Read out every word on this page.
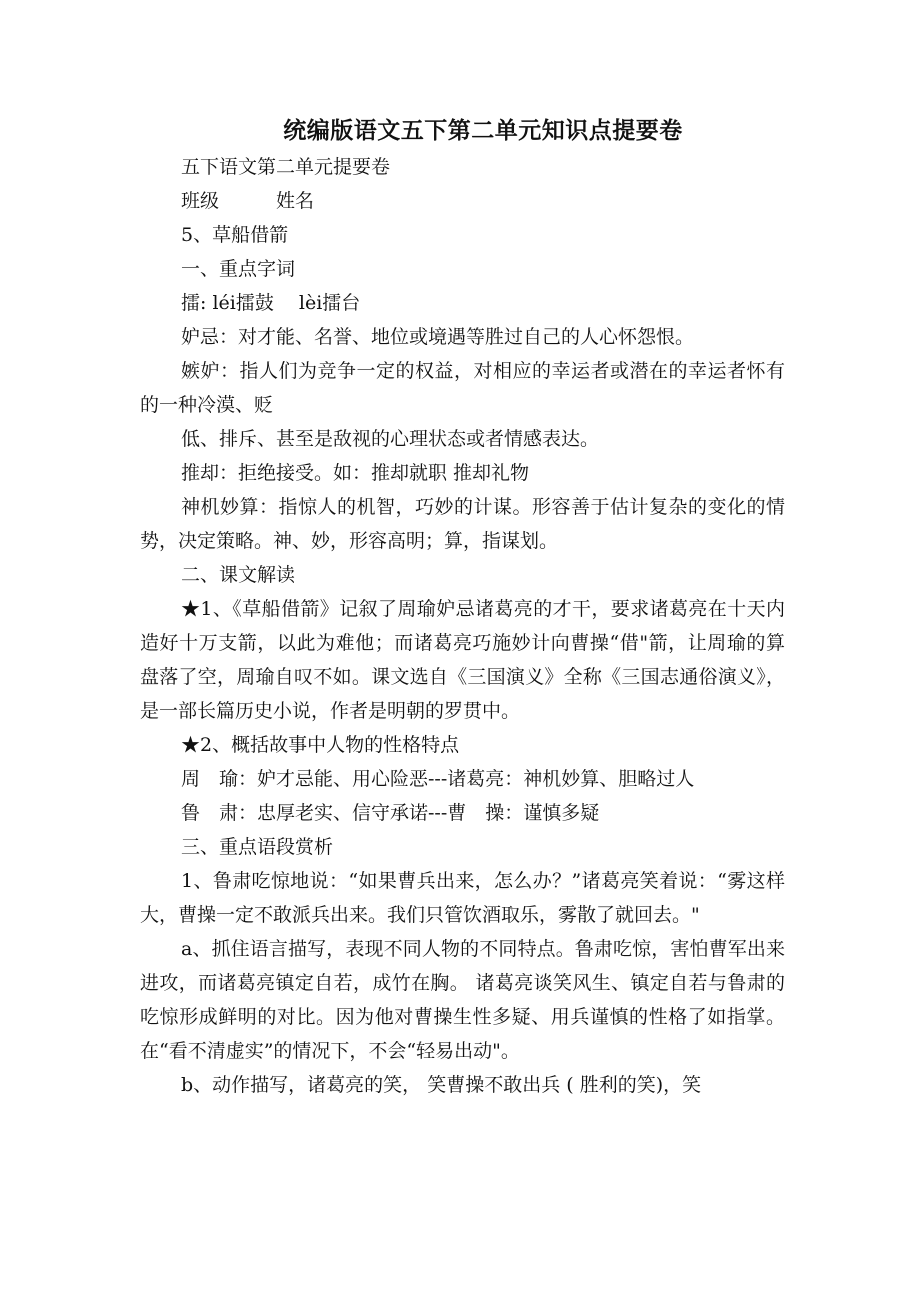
统编版语文五下第二单元知识点提要卷

五下语文第二单元提要卷

班级　　　姓名

5、草船借箭

一、重点字词

擂: léi擂鼓　 lèi擂台

妒忌：对才能、名誉、地位或境遇等胜过自己的人心怀怨恨。

嫉妒：指人们为竞争一定的权益，对相应的幸运者或潜在的幸运者怀有的一种冷漠、贬

低、排斥、甚至是敌视的心理状态或者情感表达。

推却：拒绝接受。如：推却就职 推却礼物

神机妙算：指惊人的机智，巧妙的计谋。形容善于估计复杂的变化的情势，决定策略。神、妙，形容高明；算，指谋划。

二、课文解读

★1、《草船借箭》记叙了周瑜妒忌诸葛亮的才干，要求诸葛亮在十天内造好十万支箭，以此为难他；而诸葛亮巧施妙计向曹操“借"箭，让周瑜的算盘落了空，周瑜自叹不如。课文选自《三国演义》全称《三国志通俗演义》，是一部长篇历史小说，作者是明朝的罗贯中。

★2、概括故事中人物的性格特点

周　瑜：妒才忌能、用心险恶---诸葛亮：神机妙算、胆略过人

鲁　肃：忠厚老实、信守承诺---曹　操：谨慎多疑

三、重点语段赏析

1、鲁肃吃惊地说：“如果曹兵出来，怎么办？”诸葛亮笑着说：“雾这样大，曹操一定不敢派兵出来。我们只管饮酒取乐，雾散了就回去。"

a、抓住语言描写，表现不同人物的不同特点。鲁肃吃惊，害怕曹军出来进攻，而诸葛亮镇定自若，成竹在胸。 诸葛亮谈笑风生、镇定自若与鲁肃的吃惊形成鲜明的对比。因为他对曹操生性多疑、用兵谨慎的性格了如指掌。在“看不清虚实”的情况下，不会“轻易出动"。

b、动作描写，诸葛亮的笑， 笑曹操不敢出兵 ( 胜利的笑)，笑
